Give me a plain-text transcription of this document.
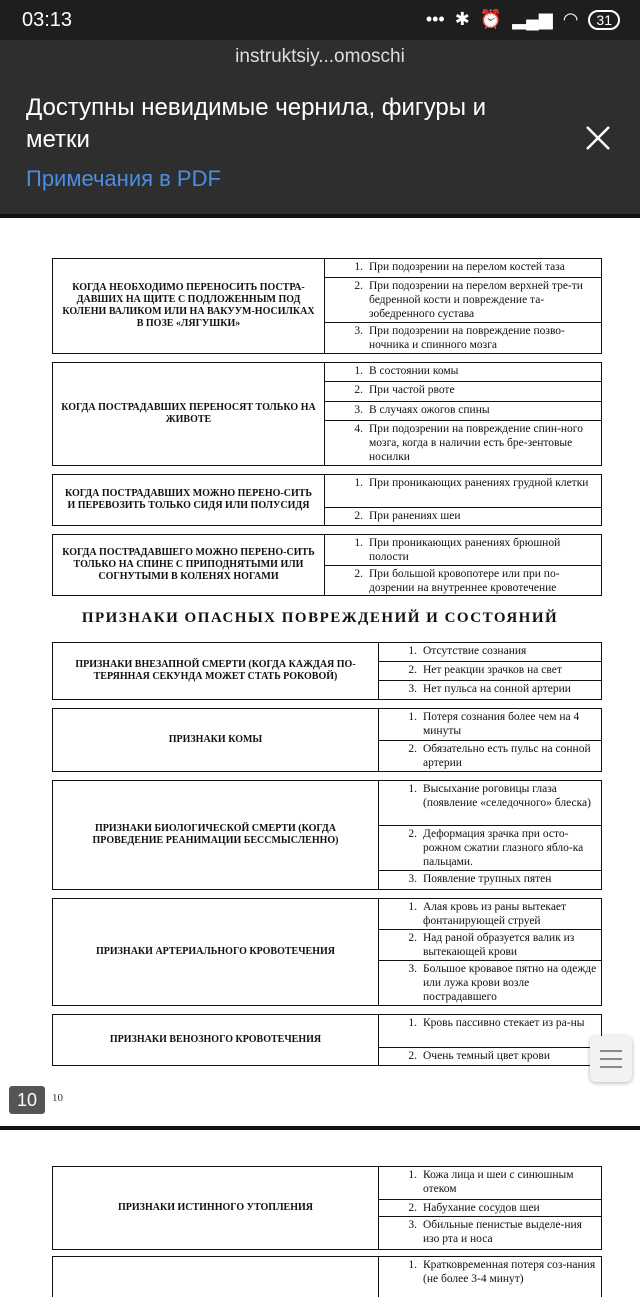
КОГДА НЕОБХОДИМО ПЕРЕНОСИТЬ ПОСТРА-ДАВШИХ НА ЩИТЕ С ПОДЛОЖЕННЫМ ПОД КОЛЕНИ ВАЛИКОМ ИЛИ НА ВАКУУМ-НОСИЛКАХ В ПОЗЕ «ЛЯГУШКИ»
1. При подозрении на перелом костей таза
2. При подозрении на перелом верхней тре-ти бедренной кости и повреждение та-зобедренного сустава
3. При подозрении на повреждение позво-ночника и спинного мозга
КОГДА ПОСТРАДАВШИХ ПЕРЕНОСЯТ ТОЛЬКО НА ЖИВОТЕ
1. В состоянии комы
2. При частой рвоте
3. В случаях ожогов спины
4. При подозрении на повреждение спин-ного мозга, когда в наличии есть бре-зентовые носилки
КОГДА ПОСТРАДАВШИХ МОЖНО ПЕРЕНО-СИТЬ И ПЕРЕВОЗИТЬ ТОЛЬКО СИДЯ ИЛИ ПОЛУСИДЯ
1. При проникающих ранениях грудной клетки
2. При ранениях шеи
КОГДА ПОСТРАДАВШЕГО МОЖНО ПЕРЕНО-СИТЬ ТОЛЬКО НА СПИНЕ С ПРИПОДНЯТЫМИ ИЛИ СОГНУТЫМИ В КОЛЕНЯХ НОГАМИ
1. При проникающих ранениях брюшной полости
2. При большой кровопотере или при по-дозрении на внутреннее кровотечение
ПРИЗНАКИ ОПАСНЫХ ПОВРЕЖДЕНИЙ И СОСТОЯНИЙ
ПРИЗНАКИ ВНЕЗАПНОЙ СМЕРТИ (КОГДА КАЖДАЯ ПО-ТЕРЯННАЯ СЕКУНДА МОЖЕТ СТАТЬ РОКОВОЙ)
1. Отсутствие сознания
2. Нет реакции зрачков на свет
3. Нет пульса на сонной артерии
ПРИЗНАКИ КОМЫ
1. Потеря сознания более чем на 4 минуты
2. Обязательно есть пульс на сонной артерии
ПРИЗНАКИ БИОЛОГИЧЕСКОЙ СМЕРТИ (КОГДА ПРОВЕДЕНИЕ РЕАНИМАЦИИ БЕССМЫСЛЕННО)
1. Высыхание роговицы глаза (появление «селедочного» блеска)
2. Деформация зрачка при осто-рожном сжатии глазного ябло-ка пальцами.
3. Появление трупных пятен
ПРИЗНАКИ АРТЕРИАЛЬНОГО КРОВОТЕЧЕНИЯ
1. Алая кровь из раны вытекает фонтанирующей струей
2. Над раной образуется валик из вытекающей крови
3. Большое кровавое пятно на одежде или лужа крови возле пострадавшего
ПРИЗНАКИ ВЕНОЗНОГО КРОВОТЕЧЕНИЯ
1. Кровь пассивно стекает из ра-ны
2. Очень темный цвет крови
10
ПРИЗНАКИ ИСТИННОГО УТОПЛЕНИЯ
1. Кожа лица и шеи с синюшным отеком
2. Набухание сосудов шеи
3. Обильные пенистые выделе-ния изо рта и носа
1. Кратковременная потеря соз-нания (не более 3-4 минут)
10
03:13	••• ✱ ⏰ ▂▄▆ ◠	31
instruktsiy...omoschi
Доступны невидимые чернила, фигуры и метки
Примечания в PDF
